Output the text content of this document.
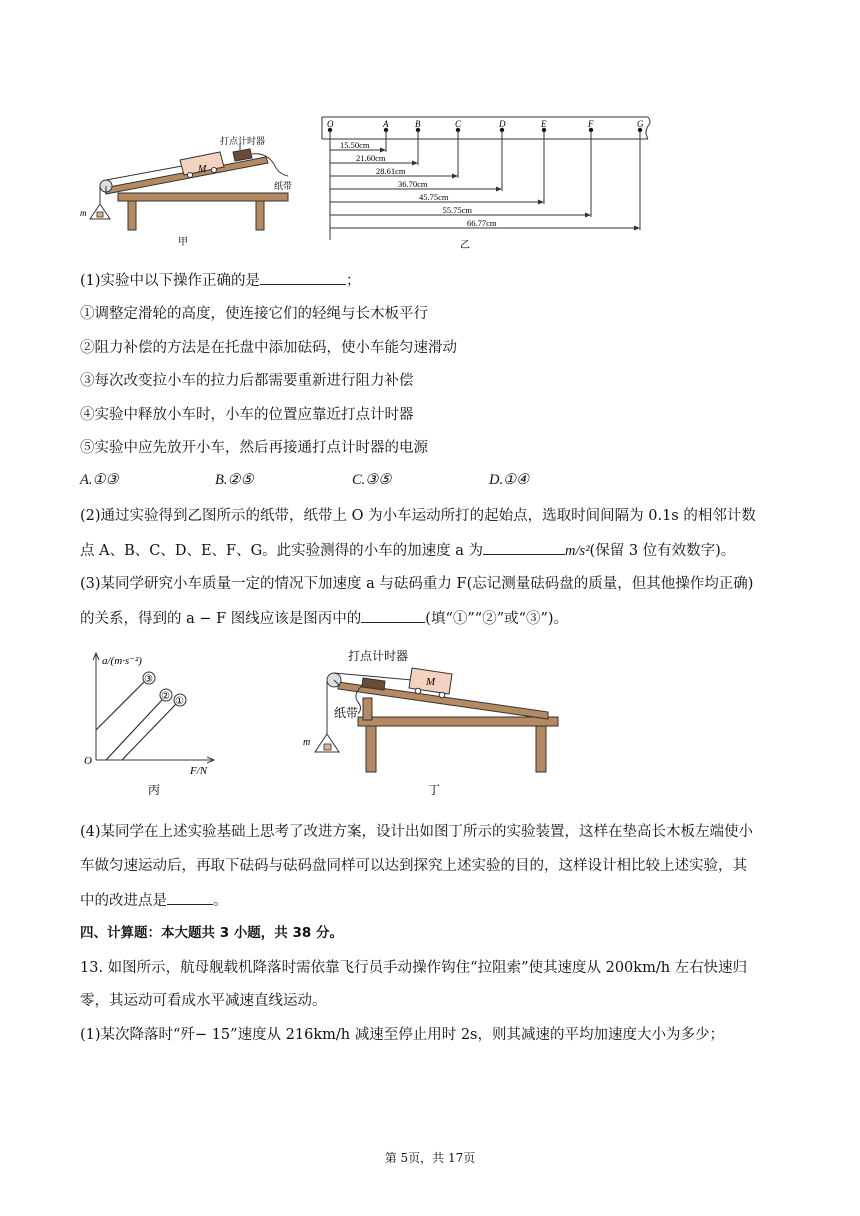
M
打点计时器
纸带
m
甲
O	A	B	C	D	E	F	G
15.50cm
21.60cm
28.61cm
36.70cm
45.75cm
55.75cm
66.77cm
乙
(1)实验中以下操作正确的是	；
①调整定滑轮的高度，使连接它们的轻绳与长木板平行
②阻力补偿的方法是在托盘中添加砝码，使小车能匀速滑动
③每次改变拉小车的拉力后都需要重新进行阻力补偿
④实验中释放小车时，小车的位置应靠近打点计时器
⑤实验中应先放开小车，然后再接通打点计时器的电源
A.①③	B.②⑤	C.③⑤	D.①④
(2)通过实验得到乙图所示的纸带，纸带上 O 为小车运动所打的起始点，选取时间间隔为 0.1s 的相邻计数
点 A、B、C、D、E、F、G。此实验测得的小车的加速度 a 为	m/s²(保留 3 位有效数字)。
(3)某同学研究小车质量一定的情况下加速度 a 与砝码重力 F(忘记测量砝码盘的质量，但其他操作均正确)
的关系，得到的 a − F 图线应该是图丙中的	(填“①”“②”或“③”)。
③
② ①
a/(m·s⁻²)
O
F/N
丙
M
打点计时器
纸带
m
丁
(4)某同学在上述实验基础上思考了改进方案，设计出如图丁所示的实验装置，这样在垫高长木板左端使小
车做匀速运动后，再取下砝码与砝码盘同样可以达到探究上述实验的目的，这样设计相比较上述实验，其
中的改进点是	。
四、计算题：本大题共 3 小题，共 38 分。
13. 如图所示，航母舰载机降落时需依靠飞行员手动操作钩住“拉阻索”使其速度从 200km/h 左右快速归
零，其运动可看成水平减速直线运动。
(1)某次降落时“歼− 15”速度从 216km/h 减速至停止用时 2s，则其减速的平均加速度大小为多少；
第 5页，共 17页
